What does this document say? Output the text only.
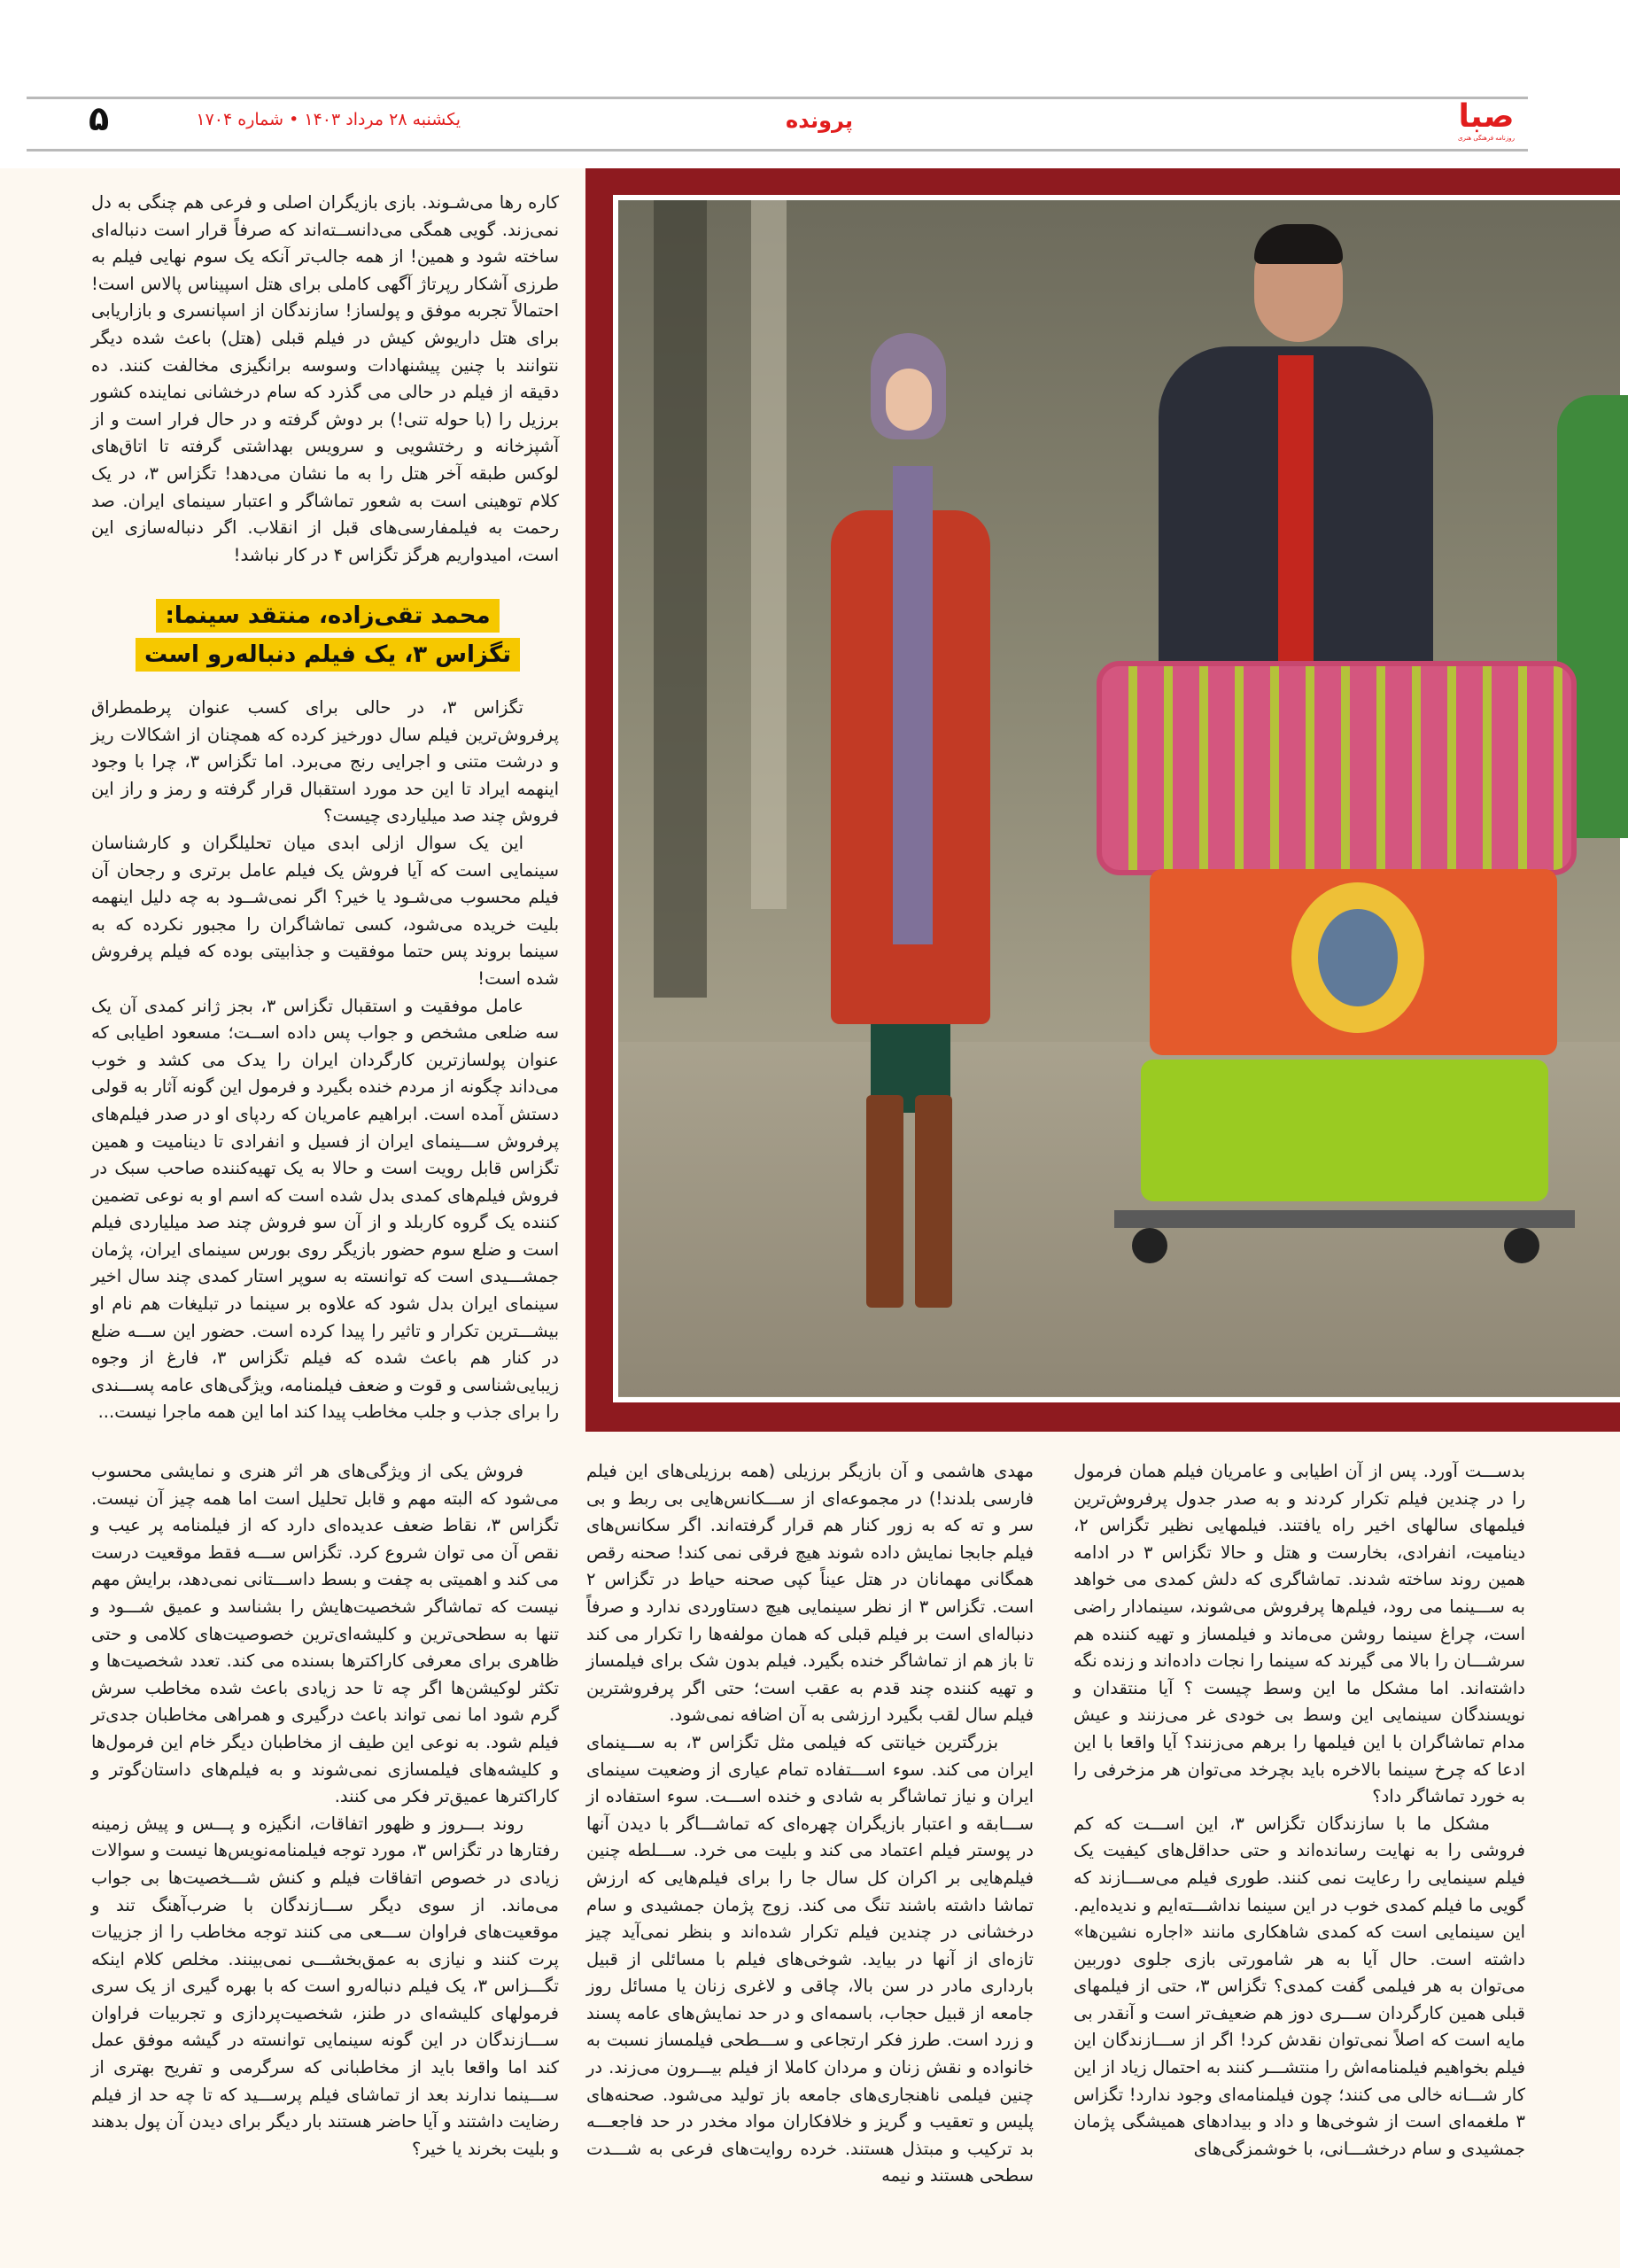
صبا
روزنامه فرهنگی هنری
پرونده
یکشنبه ۲۸ مرداد ۱۴۰۳ • شماره ۱۷۰۴
۵

کاره رها می‌شـوند. بازی بازیگران اصلی و فرعی هم چنگی به دل نمی‌زند. گویی همگی می‌دانســته‌اند که صرفاً قرار است دنباله‌ای ساخته شود و همین! از همه جالب‌تر آنکه یک سوم نهایی فیلم به طرزی آشکار رپرتاژ آگهی کاملی برای هتل اسپیناس پالاس است! احتمالاً تجربه موفق و پولساز! سازندگان از اسپانسری و بازاریابی برای هتل داریوش کیش در فیلم قبلی (هتل) باعث شده دیگر نتوانند با چنین پیشنهادات وسوسه برانگیزی مخالفت کنند. ده دقیقه از فیلم در حالی می گذرد که سام درخشانی نماینده کشور برزیل را (با حوله تنی!) بر دوش گرفته و در حال فرار است و از آشپزخانه و رختشویی و سرویس بهداشتی گرفته تا اتاق‌های لوکس طبقه آخر هتل را به ما نشان می‌دهد! تگزاس ۳، در یک کلام توهینی است به شعور تماشاگر و اعتبار سینمای ایران. صد رحمت به فیلمفارسی‌های قبل از انقلاب. اگر دنباله‌سازی این است، امیدواریم هرگز تگزاس ۴ در کار نباشد!

محمد تقی‌زاده، منتقد سینما:
تگزاس ۳، یک فیلم دنباله‌رو است

تگزاس ۳، در حالی برای کسب عنوان پرطمطراق پرفروش‌ترین فیلم سال دورخیز کرده که همچنان از اشکالات ریز و درشت متنی و اجرایی رنج می‌برد. اما تگزاس ۳، چرا با وجود اینهمه ایراد تا این حد مورد استقبال قرار گرفته و رمز و راز این فروش چند صد میلیاردی چیست؟

این یک سوال ازلی ابدی میان تحلیلگران و کارشناسان سینمایی است که آیا فروش یک فیلم عامل برتری و رجحان آن فیلم محسوب می‌شـود یا خیر؟ اگر نمی‌شــود به چه دلیل اینهمه بلیت خریده می‌شود، کسی تماشاگران را مجبور نکرده که به سینما بروند پس حتما موفقیت و جذابیتی بوده که فیلم پرفروش شده است!

عامل موفقیت و استقبال تگزاس ۳، بجز ژانر کمدی آن یک سه ضلعی مشخص و جواب پس داده اســت؛ مسعود اطیابی که عنوان پولسازترین کارگردان ایران را یدک می کشد و خوب می‌داند چگونه از مردم خنده بگیرد و فرمول این گونه آثار به قولی دستش آمده است. ابراهیم عامریان که ردپای او در صدر فیلم‌های پرفروش ســـینمای ایران از فسیل و انفرادی تا دینامیت و همین تگزاس قابل رویت است و حالا به یک تهیه‌کننده صاحب سبک در فروش فیلم‌های کمدی بدل شده است که اسم او به نوعی تضمین کننده یک گروه کاربلد و از آن سو فروش چند صد میلیاردی فیلم است و ضلع سوم حضور بازیگر روی بورس سینمای ایران، پژمان جمشـــیدی است که توانسته به سوپر استار کمدی چند سال اخیر سینمای ایران بدل شود که علاوه بر سینما در تبلیغات هم نام او بیشـــترین تکرار و تاثیر را پیدا کرده است. حضور این ســـه ضلع در کنار هم باعث شده که فیلم تگزاس ۳، فارغ از وجوه زیبایی‌شناسی و قوت و ضعف فیلمنامه، ویژگی‌های عامه پســـندی را برای جذب و جلب مخاطب پیدا کند اما این همه ماجرا نیست...

فروش یکی از ویژگی‌های هر اثر هنری و نمایشی محسوب می‌شود که البته مهم و قابل تحلیل است اما همه چیز آن نیست. تگزاس ۳، نقاط ضعف عدیده‌ای دارد که از فیلمنامه پر عیب و نقص آن می توان شروع کرد. تگزاس ســـه فقط موقعیت درست می کند و اهمیتی به چفت و بسط داســـتانی نمی‌دهد، برایش مهم نیست که تماشاگر شخصیت‌هایش را بشناسد و عمیق شـــود و تنها به سطحی‌ترین و کلیشه‌ای‌ترین خصوصیت‌های کلامی و حتی ظاهری برای معرفی کاراکترها بسنده می کند. تعدد شخصیت‌ها و تکثر لوکیشن‌ها اگر چه تا حد زیادی باعث شده مخاطب سرش گرم شود اما نمی تواند باعث درگیری و همراهی مخاطبان جدی‌تر فیلم شود. به نوعی این طیف از مخاطبان دیگر خام این فرمول‌ها و کلیشه‌های فیلمسازی نمی‌شوند و به فیلم‌های داستان‌گوتر و کاراکترها عمیق‌تر فکر می کنند.

روند بـــروز و ظهور اتفاقات، انگیزه و پـــس و پیش زمینه رفتارها در تگزاس ۳، مورد توجه فیلمنامه‌نویس‌ها نیست و سوالات زیادی در خصوص اتفاقات فیلم و کنش شـــخصیت‌ها بی جواب می‌ماند. از سوی دیگر ســـازندگان با ضرب‌آهنگ تند و موقعیت‌های فراوان ســـعی می کنند توجه مخاطب را از جزییات پرت کنند و نیازی به عمق‌بخشـــی نمی‌بینند. مخلص کلام اینکه تگـــزاس ۳، یک فیلم دنباله‌رو است که با بهره گیری از یک سری فرمولهای کلیشه‌ای در طنز، شخصیت‌پردازی و تجربیات فراوان ســـازندگان در این گونه سینمایی توانسته در گیشه موفق عمل کند اما واقعا باید از مخاطبانی که سرگرمی و تفریح بهتری از ســـینما ندارند بعد از تماشای فیلم پرســـید که تا چه حد از فیلم رضایت داشتند و آیا حاضر هستند بار دیگر برای دیدن آن پول بدهند و بلیت بخرند یا خیر؟

مهدی هاشمی و آن بازیگر برزیلی (همه برزیلی‌های این فیلم فارسی بلدند!) در مجموعه‌ای از ســـکانس‌هایی بی ربط و بی سر و ته که به زور کنار هم قرار گرفته‌اند. اگر سکانس‌های فیلم جابجا نمایش داده شوند هیچ فرقی نمی کند! صحنه رقص همگانی مهمانان در هتل عیناً کپی صحنه حیاط در تگزاس ۲ است. تگزاس ۳ از نظر سینمایی هیچ دستاوردی ندارد و صرفاً دنباله‌ای است بر فیلم قبلی که همان مولفه‌ها را تکرار می کند تا باز هم از تماشاگر خنده بگیرد. فیلم بدون شک برای فیلمساز و تهیه کننده چند قدم به عقب است؛ حتی اگر پرفروشترین فیلم سال لقب بگیرد ارزشی به آن اضافه نمی‌شود.

بزرگترین خیانتی که فیلمی مثل تگزاس ۳، به ســـینمای ایران می کند. سوء اســـتفاده تمام عیاری از وضعیت سینمای ایران و نیاز تماشاگر به شادی و خنده اســـت. سوء استفاده از ســـابقه و اعتبار بازیگران چهره‌ای که تماشـــاگر با دیدن آنها در پوستر فیلم اعتماد می کند و بلیت می خرد. ســـلطه چنین فیلم‌هایی بر اکران کل سال جا را برای فیلم‌هایی که ارزش تماشا داشته باشند تنگ می کند. زوج پژمان جمشیدی و سام درخشانی در چندین فیلم تکرار شده‌اند و بنظر نمی‌آید چیز تازه‌ای از آنها در بیاید. شوخی‌های فیلم با مسائلی از قبیل بارداری مادر در سن بالا، چاقی و لاغری زنان یا مسائل روز جامعه از قبیل حجاب، باسمه‌ای و در حد نمایش‌های عامه پسند و زرد است. طرز فکر ارتجاعی و ســـطحی فیلمساز نسبت به خانواده و نقش زنان و مردان کاملا از فیلم بیـــرون می‌زند. در چنین فیلمی ناهنجاری‌های جامعه باز تولید می‌شود. صحنه‌های پلیس و تعقیب و گریز و خلافکاران مواد مخدر در حد فاجعـــه بد ترکیب و مبتذل هستند. خرده روایت‌های فرعی به شـــدت سطحی هستند و نیمه

بدســـت آورد. پس از آن اطیابی و عامریان فیلم همان فرمول را در چندین فیلم تکرار کردند و به صدر جدول پرفروش‌ترین فیلمهای سالهای اخیر راه یافتند. فیلمهایی نظیر تگزاس ۲، دینامیت، انفرادی، بخارست و هتل و حالا تگزاس ۳ در ادامه همین روند ساخته شدند. تماشاگری که دلش کمدی می خواهد به ســـینما می رود، فیلم‌ها پرفروش می‌شوند، سینمادار راضی است، چراغ سینما روشن می‌ماند و فیلمساز و تهیه کننده هم سرشـــان را بالا می گیرند که سینما را نجات داده‌اند و زنده نگه داشته‌اند. اما مشکل ما این وسط چیست ؟ آیا منتقدان و نویسندگان سینمایی این وسط بی خودی غر می‌زنند و عیش مدام تماشاگران با این فیلمها را برهم می‌زنند؟ آیا واقعا با این ادعا که چرخ سینما بالاخره باید بچرخد می‌توان هر مزخرفی را به خورد تماشاگر داد؟

مشکل ما با سازندگان تگزاس ۳، این اســـت که کم فروشی را به نهایت رسانده‌اند و حتی حداقل‌های کیفیت یک فیلم سینمایی را رعایت نمی کنند. طوری فیلم می‌ســـازند که گویی ما فیلم کمدی خوب در این سینما نداشـــته‌ایم و ندیده‌ایم. این سینمایی است که کمدی شاهکاری مانند «اجاره نشین‌ها» داشته است. حال آیا به هر شامورتی بازی جلوی دوربین می‌توان به هر فیلمی گفت کمدی؟ تگزاس ۳، حتی از فیلمهای قبلی همین کارگردان ســـری دوز هم ضعیف‌تر است و آنقدر بی مایه است که اصلاً نمی‌توان نقدش کرد! اگر از ســـازندگان این فیلم بخواهیم فیلمنامه‌اش را منتشـــر کنند به احتمال زیاد از این کار شـــانه خالی می کنند؛ چون فیلمنامه‌ای وجود ندارد! تگزاس ۳ ملغمه‌ای است از شوخی‌ها و داد و بیدادهای همیشگی پژمان جمشیدی و سام درخشـــانی، با خوشمزگی‌های
